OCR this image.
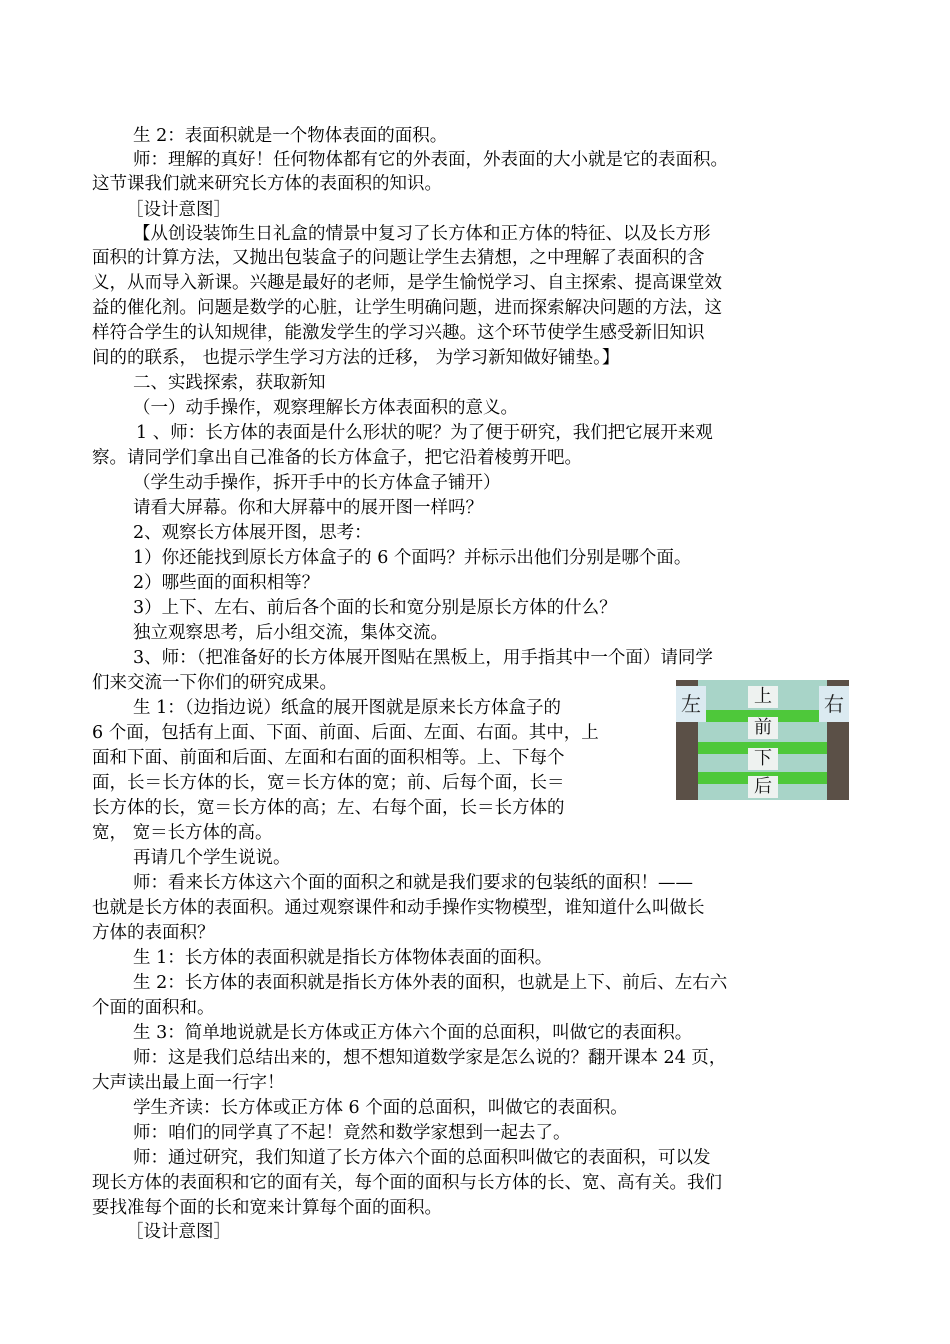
生 2：表面积就是一个物体表面的面积。
师：理解的真好！任何物体都有它的外表面，外表面的大小就是它的表面积。
这节课我们就来研究长方体的表面积的知识。
［设计意图］
【从创设装饰生日礼盒的情景中复习了长方体和正方体的特征、以及长方形
面积的计算方法，又抛出包装盒子的问题让学生去猜想，之中理解了表面积的含
义，从而导入新课。兴趣是最好的老师，是学生愉悦学习、自主探索、提高课堂效
益的催化剂。问题是数学的心脏，让学生明确问题，进而探索解决问题的方法，这
样符合学生的认知规律，能激发学生的学习兴趣。这个环节使学生感受新旧知识
间的的联系， 也提示学生学习方法的迁移， 为学习新知做好铺垫。】
二、实践探索，获取新知
（一）动手操作，观察理解长方体表面积的意义。
1 、师：长方体的表面是什么形状的呢？为了便于研究，我们把它展开来观
察。请同学们拿出自己准备的长方体盒子，把它沿着棱剪开吧。
（学生动手操作，拆开手中的长方体盒子铺开）
请看大屏幕。你和大屏幕中的展开图一样吗？
2、观察长方体展开图，思考：
1）你还能找到原长方体盒子的 6 个面吗？并标示出他们分别是哪个面。
2）哪些面的面积相等？
3）上下、左右、前后各个面的长和宽分别是原长方体的什么？
独立观察思考，后小组交流，集体交流。
3、师：（把准备好的长方体展开图贴在黑板上，用手指其中一个面）请同学
们来交流一下你们的研究成果。
生 1：（边指边说）纸盒的展开图就是原来长方体盒子的
6 个面，包括有上面、下面、前面、后面、左面、右面。其中，上
面和下面、前面和后面、左面和右面的面积相等。上、下每个
面，长＝长方体的长，宽＝长方体的宽；前、后每个面，长＝
长方体的长，宽＝长方体的高；左、右每个面，长＝长方体的
宽， 宽＝长方体的高。
再请几个学生说说。
师：看来长方体这六个面的面积之和就是我们要求的包装纸的面积！——
也就是长方体的表面积。通过观察课件和动手操作实物模型，谁知道什么叫做长
方体的表面积？
生 1：长方体的表面积就是指长方体物体表面的面积。
生 2：长方体的表面积就是指长方体外表的面积，也就是上下、前后、左右六
个面的面积和。
生 3：简单地说就是长方体或正方体六个面的总面积，叫做它的表面积。
师：这是我们总结出来的，想不想知道数学家是怎么说的？翻开课本 24 页，
大声读出最上面一行字！
学生齐读：长方体或正方体 6 个面的总面积，叫做它的表面积。
师：咱们的同学真了不起！竟然和数学家想到一起去了。
师：通过研究，我们知道了长方体六个面的总面积叫做它的表面积，可以发
现长方体的表面积和它的面有关，每个面的面积与长方体的长、宽、高有关。我们
要找准每个面的长和宽来计算每个面的面积。
［设计意图］
左	右
上
前
下
后
